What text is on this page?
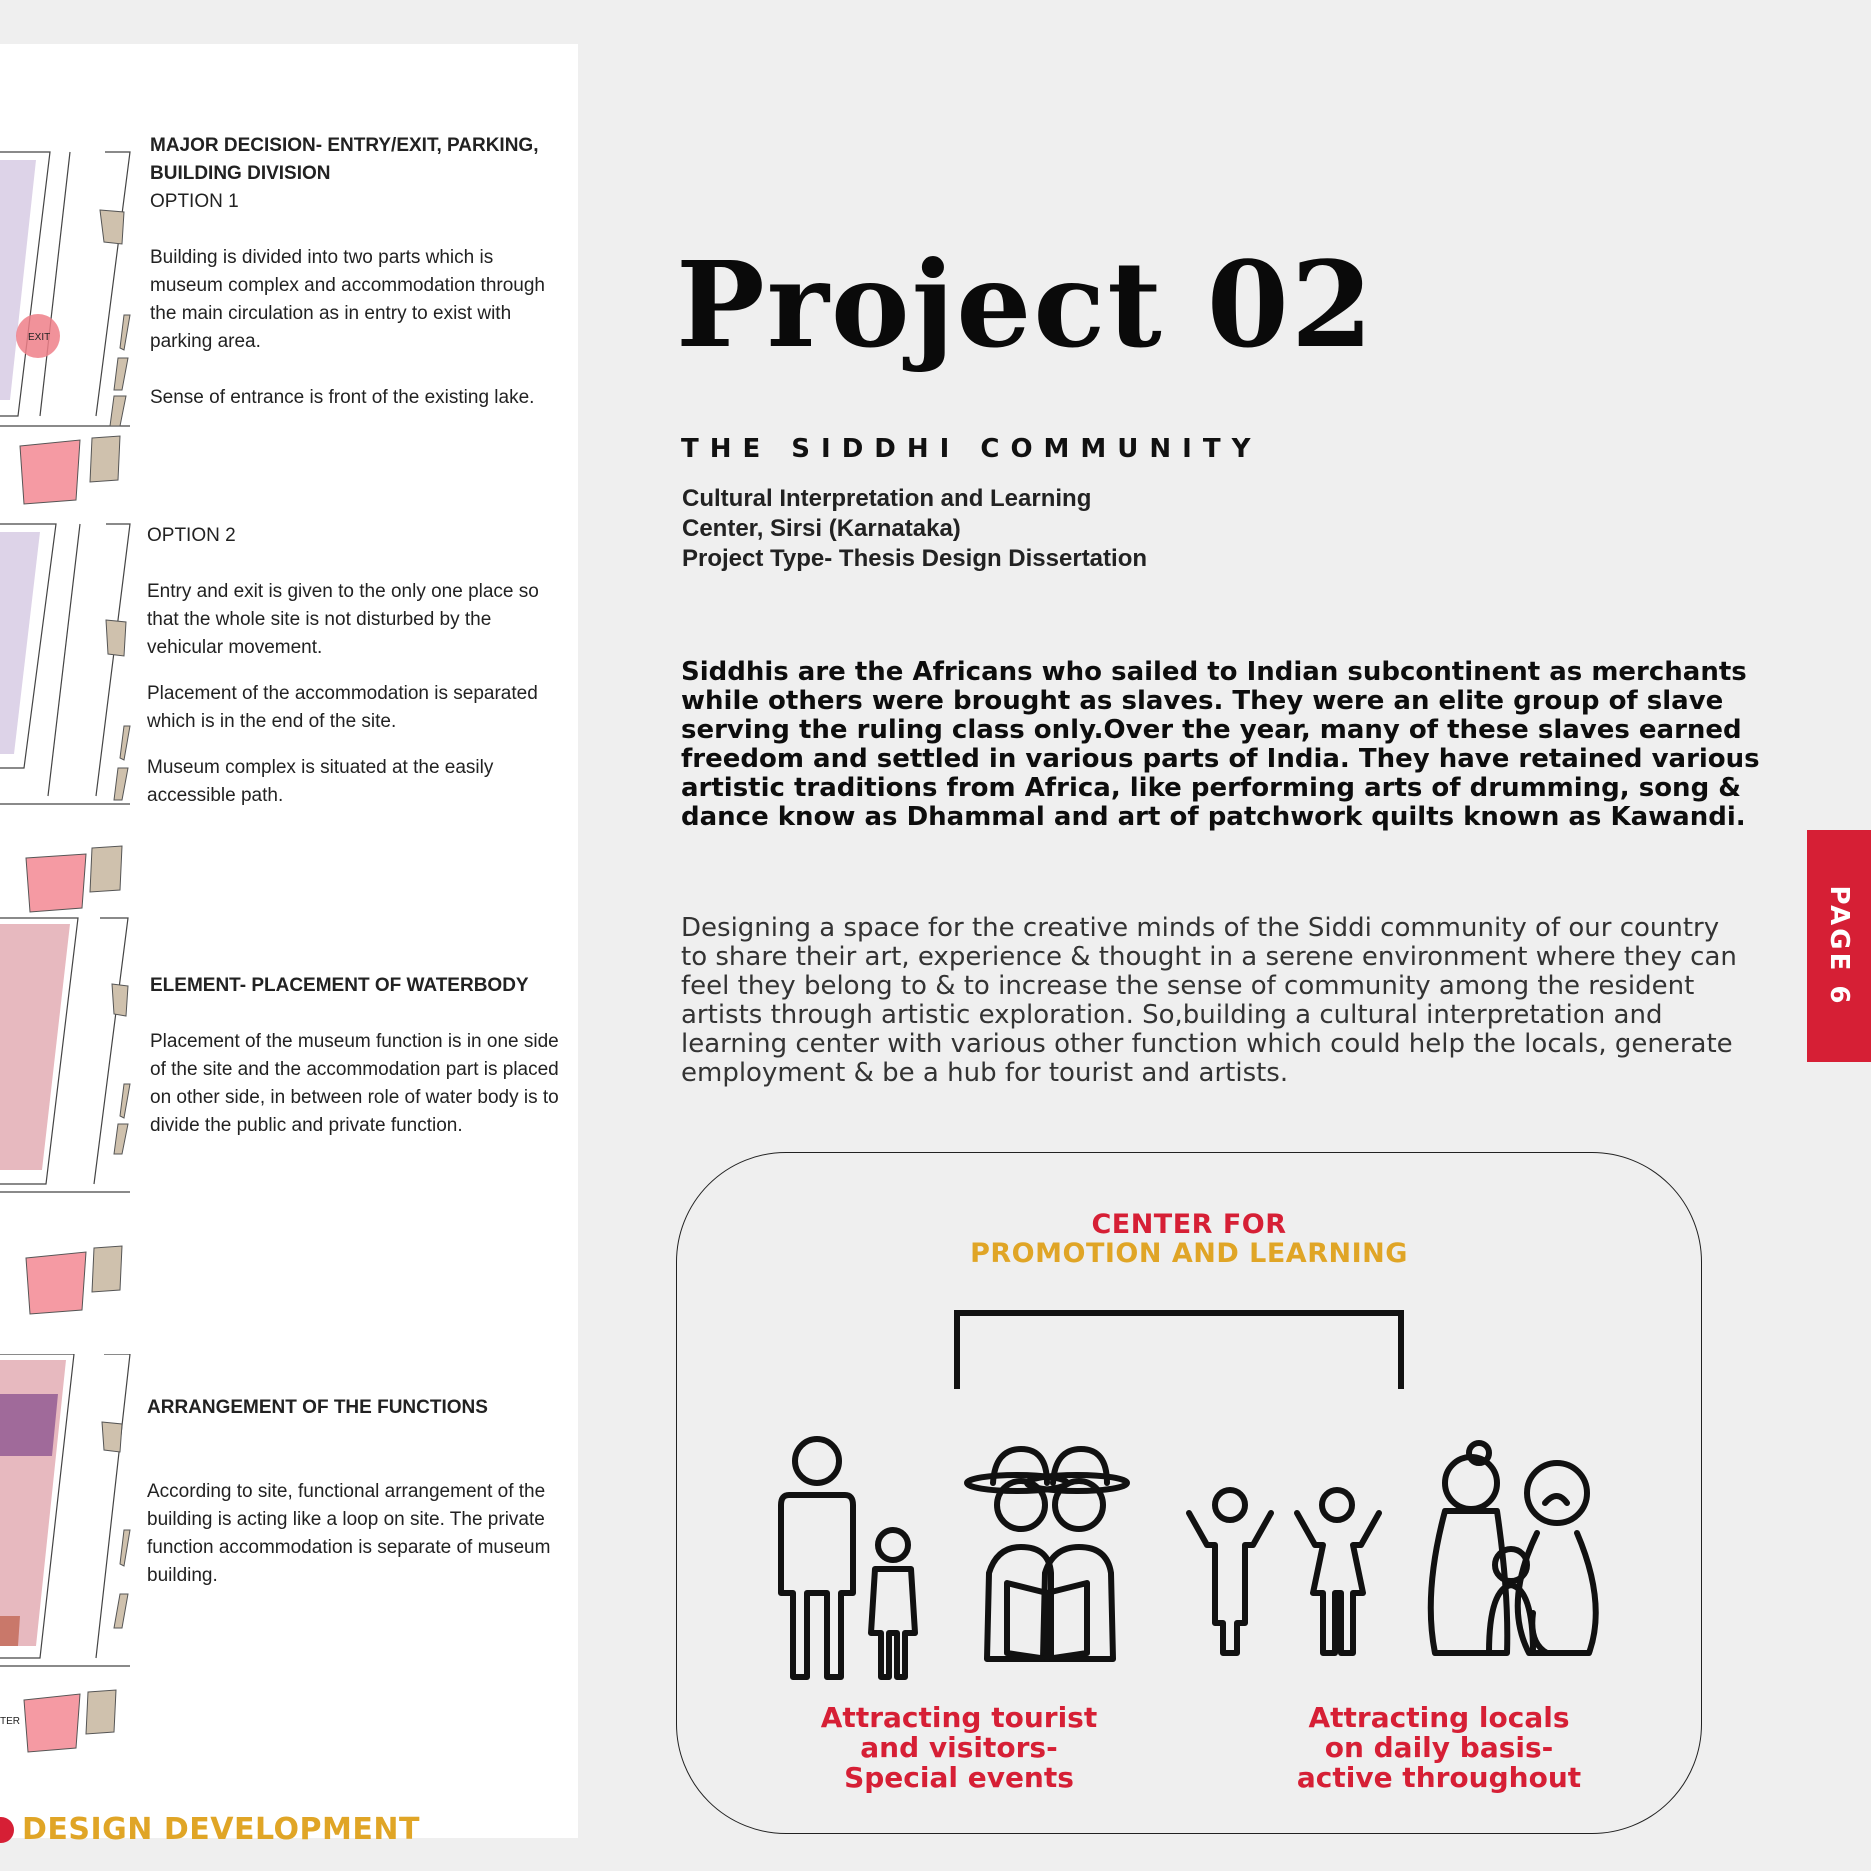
EXIT
TER
MAJOR DECISION- ENTRY/EXIT, PARKING, BUILDING DIVISION
OPTION 1

Building is divided into two parts which is museum complex and accommodation through the main circulation as in entry to exist with parking area.

Sense of entrance is front of the existing lake.

OPTION 2

Entry and exit is given to the only one place so that the whole site is not disturbed by the vehicular movement.

Placement of the accommodation is separated which is in the end of the site.

Museum complex is situated at the easily accessible path.

ELEMENT- PLACEMENT OF WATERBODY

Placement of the museum function is in one side of the site and the accommodation part is placed on other side, in between role of water body is to divide the public and private function.

ARRANGEMENT OF THE FUNCTIONS

According to site, functional arrangement of the building is acting like a loop on site. The private function accommodation is separate of museum building.

DESIGN DEVELOPMENT
Project 02
THE SIDDHI COMMUNITY
Cultural Interpretation and Learning
Center, Sirsi (Karnataka)
Project Type- Thesis Design Dissertation
Siddhis are the Africans who sailed to Indian subcontinent as merchants while others were brought as slaves. They were an elite group of slave serving the ruling class only.Over the year, many of these slaves earned freedom and settled in various parts of India. They have retained various artistic traditions from Africa, like performing arts of drumming, song & dance know as Dhammal and art of patchwork quilts known as Kawandi.
Designing a space for the creative minds of the Siddi community of our country to share their art, experience & thought in a serene environment where they can feel they belong to & to increase the sense of community among the resident artists through artistic exploration. So,building a cultural interpretation and learning center with various other function which could help the locals, generate employment & be a hub for tourist and artists.
PAGE 6
CENTER FOR
PROMOTION AND LEARNING
Attracting tourist
and visitors-
Special events
Attracting locals
on daily basis-
active throughout
